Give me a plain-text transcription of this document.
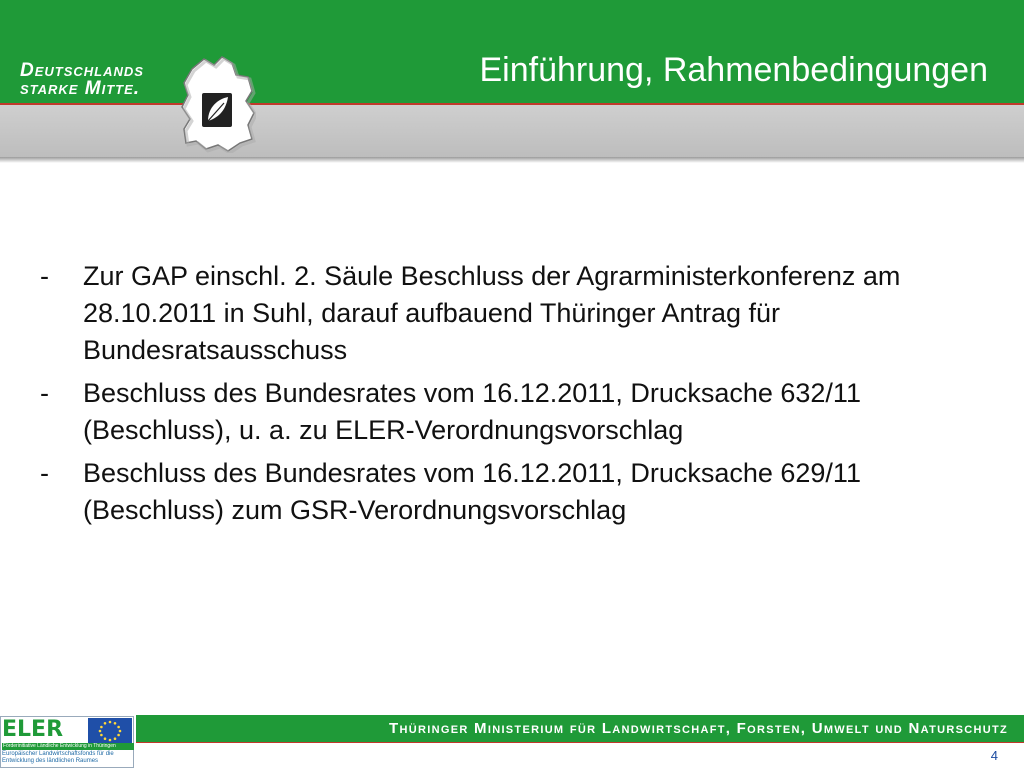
Deutschlands
starke Mitte.	Einführung, Rahmenbedingungen
-	Zur GAP einschl. 2. Säule Beschluss der Agrarministerkonferenz am 28.10.2011 in Suhl, darauf aufbauend Thüringer Antrag für Bundesratsausschuss
-	Beschluss des Bundesrates vom 16.12.2011, Drucksache 632/11 (Beschluss), u. a. zu ELER-Verordnungsvorschlag
-	Beschluss des Bundesrates vom 16.12.2011, Drucksache 629/11 (Beschluss) zum GSR-Verordnungsvorschlag
Thüringer Ministerium für Landwirtschaft, Forsten, Umwelt und Naturschutz
ELER
Förderinitiative Ländliche Entwicklung in Thüringen
Europäischer Landwirtschaftsfonds für die Entwicklung des ländlichen Raumes	4
